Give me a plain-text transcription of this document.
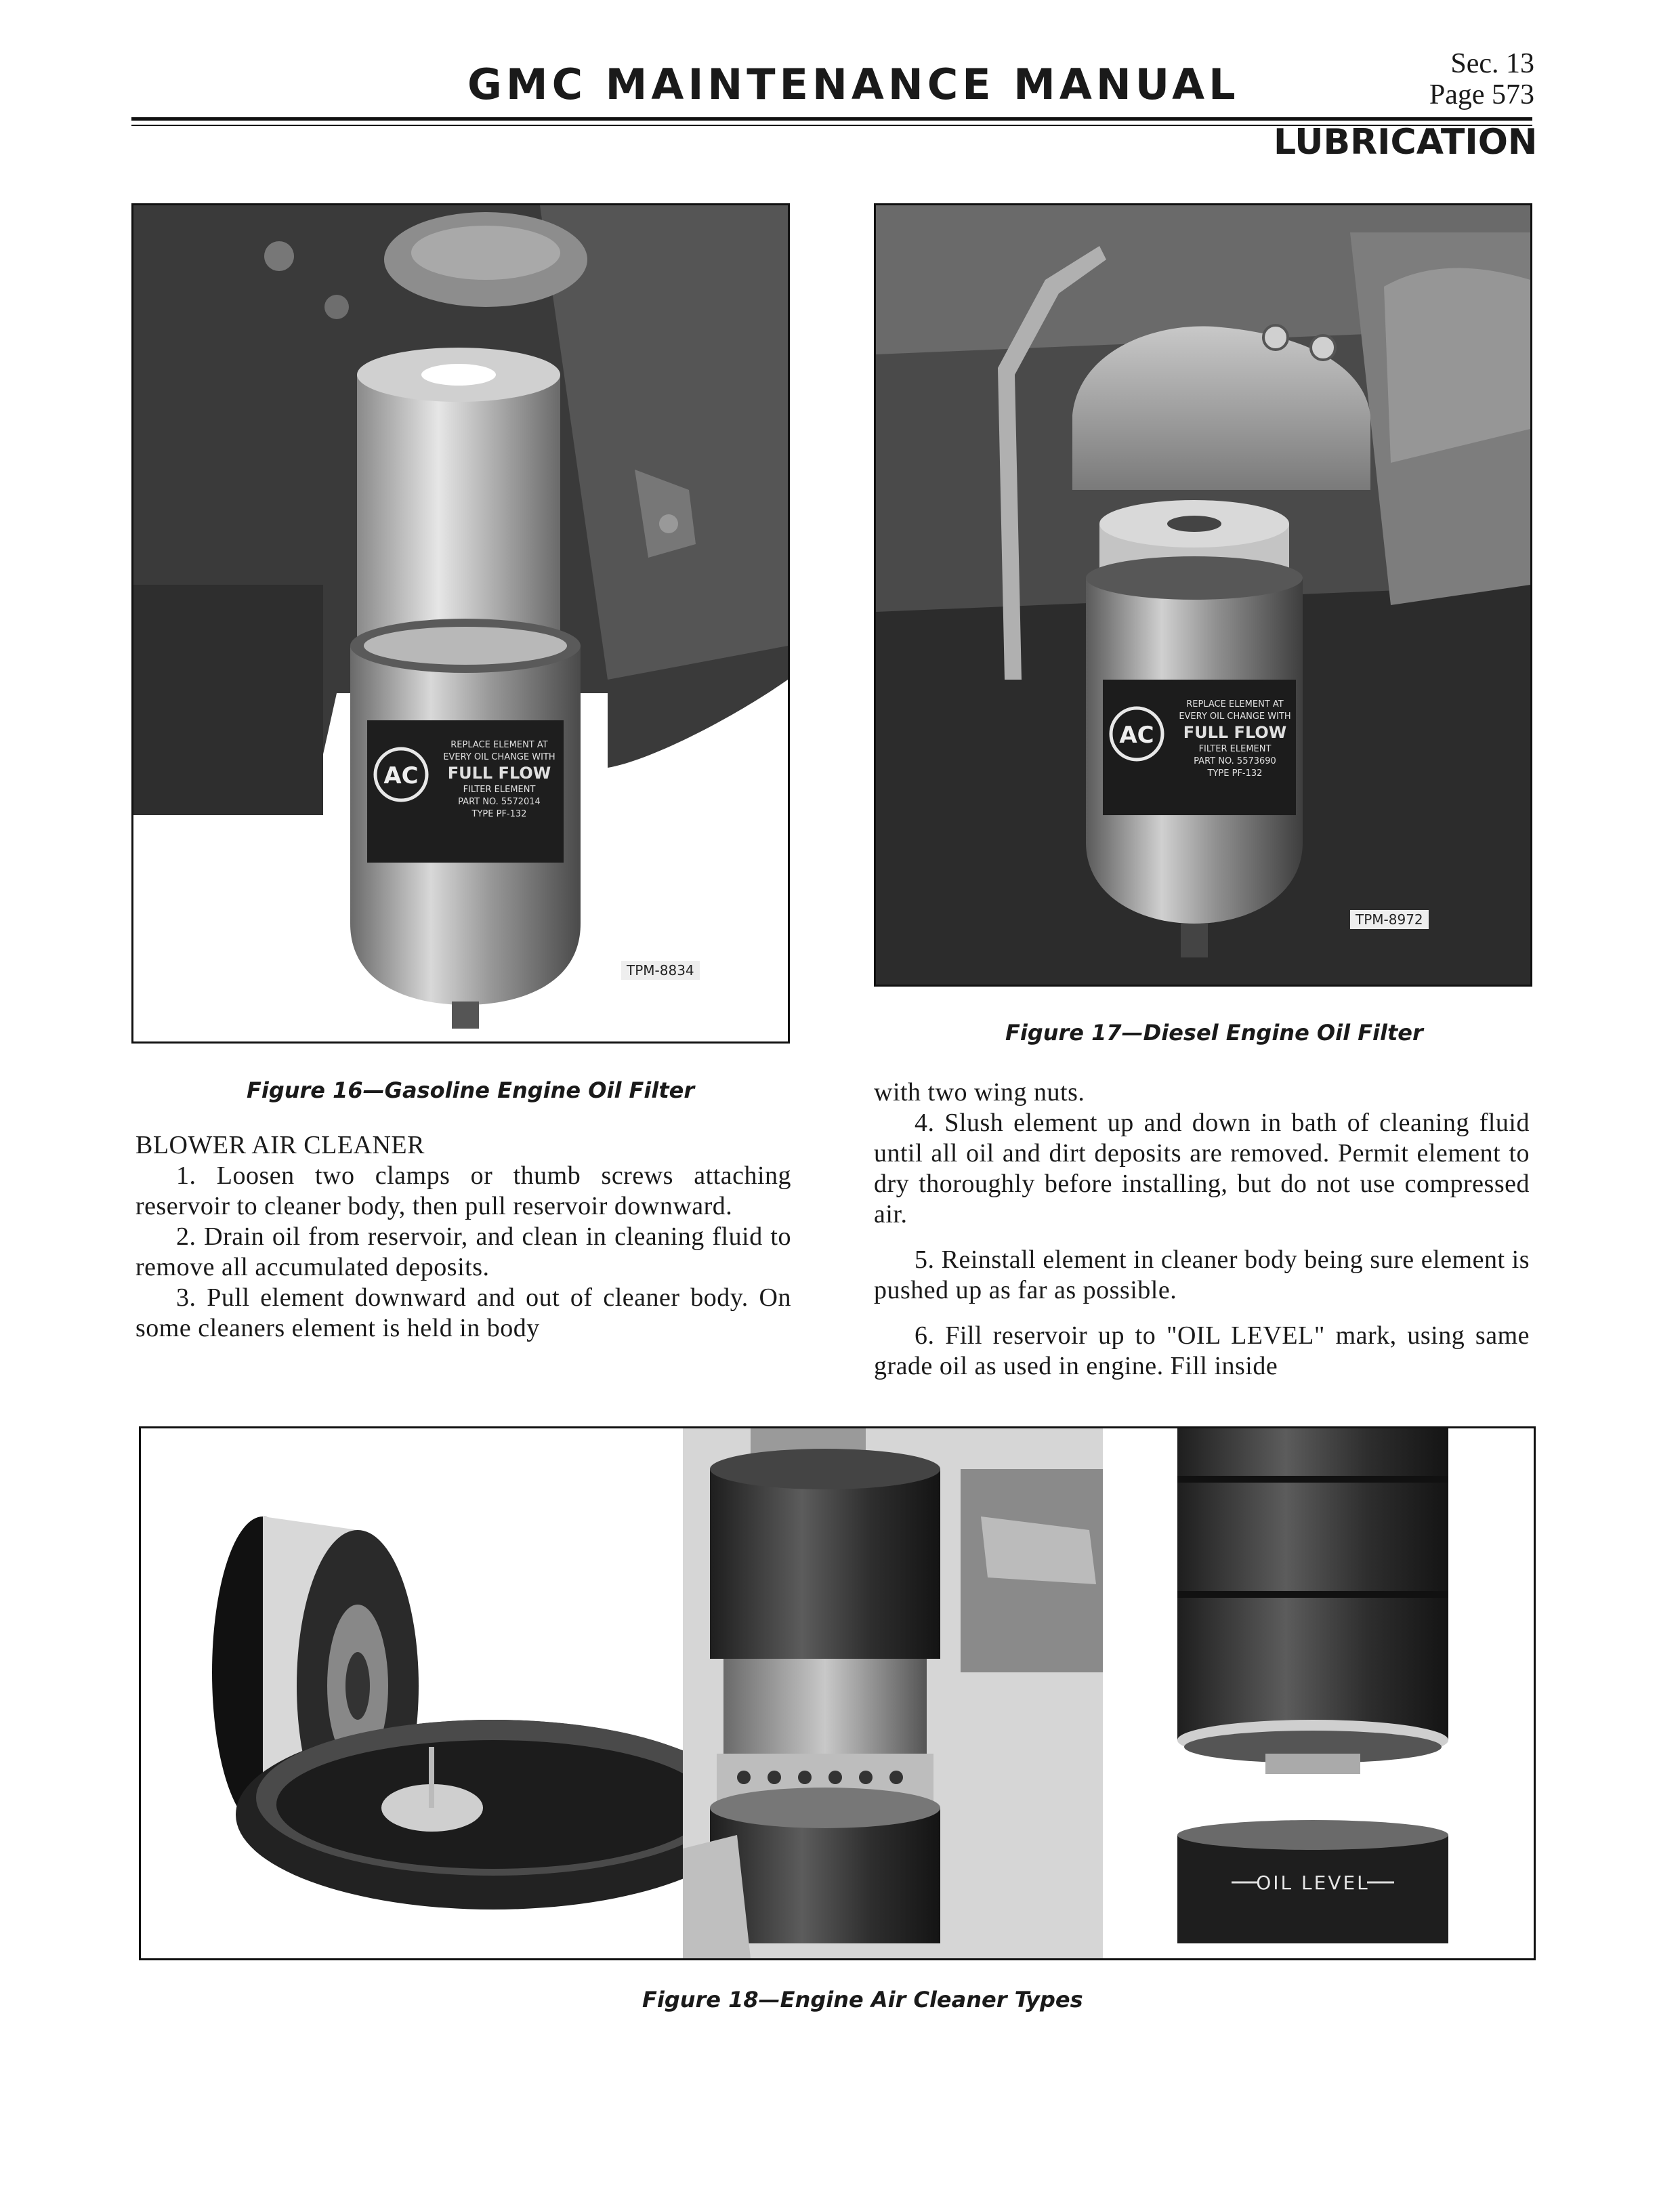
GMC MAINTENANCE MANUAL	Sec. 13
Page 573
LUBRICATION
AC
REPLACE ELEMENT AT
EVERY OIL CHANGE WITH
FULL FLOW
FILTER ELEMENT
PART NO. 5572014
TYPE PF-132
TPM-8834
Figure 16—Gasoline Engine Oil Filter
AC
REPLACE ELEMENT AT
EVERY OIL CHANGE WITH
FULL FLOW
FILTER ELEMENT
PART NO. 5573690
TYPE PF-132
TPM-8972
Figure 17—Diesel Engine Oil Filter

BLOWER AIR CLEANER

1. Loosen two clamps or thumb screws attaching reservoir to cleaner body, then pull reservoir downward.

2. Drain oil from reservoir, and clean in cleaning fluid to remove all accumulated deposits.

3. Pull element downward and out of cleaner body. On some cleaners element is held in body

with two wing nuts.

4. Slush element up and down in bath of cleaning fluid until all oil and dirt deposits are removed. Permit element to dry thoroughly before installing, but do not use compressed air.

5. Reinstall element in cleaner body being sure element is pushed up as far as possible.

6. Fill reservoir up to "OIL LEVEL" mark, using same grade oil as used in engine. Fill inside

OIL LEVEL
Figure 18—Engine Air Cleaner Types
